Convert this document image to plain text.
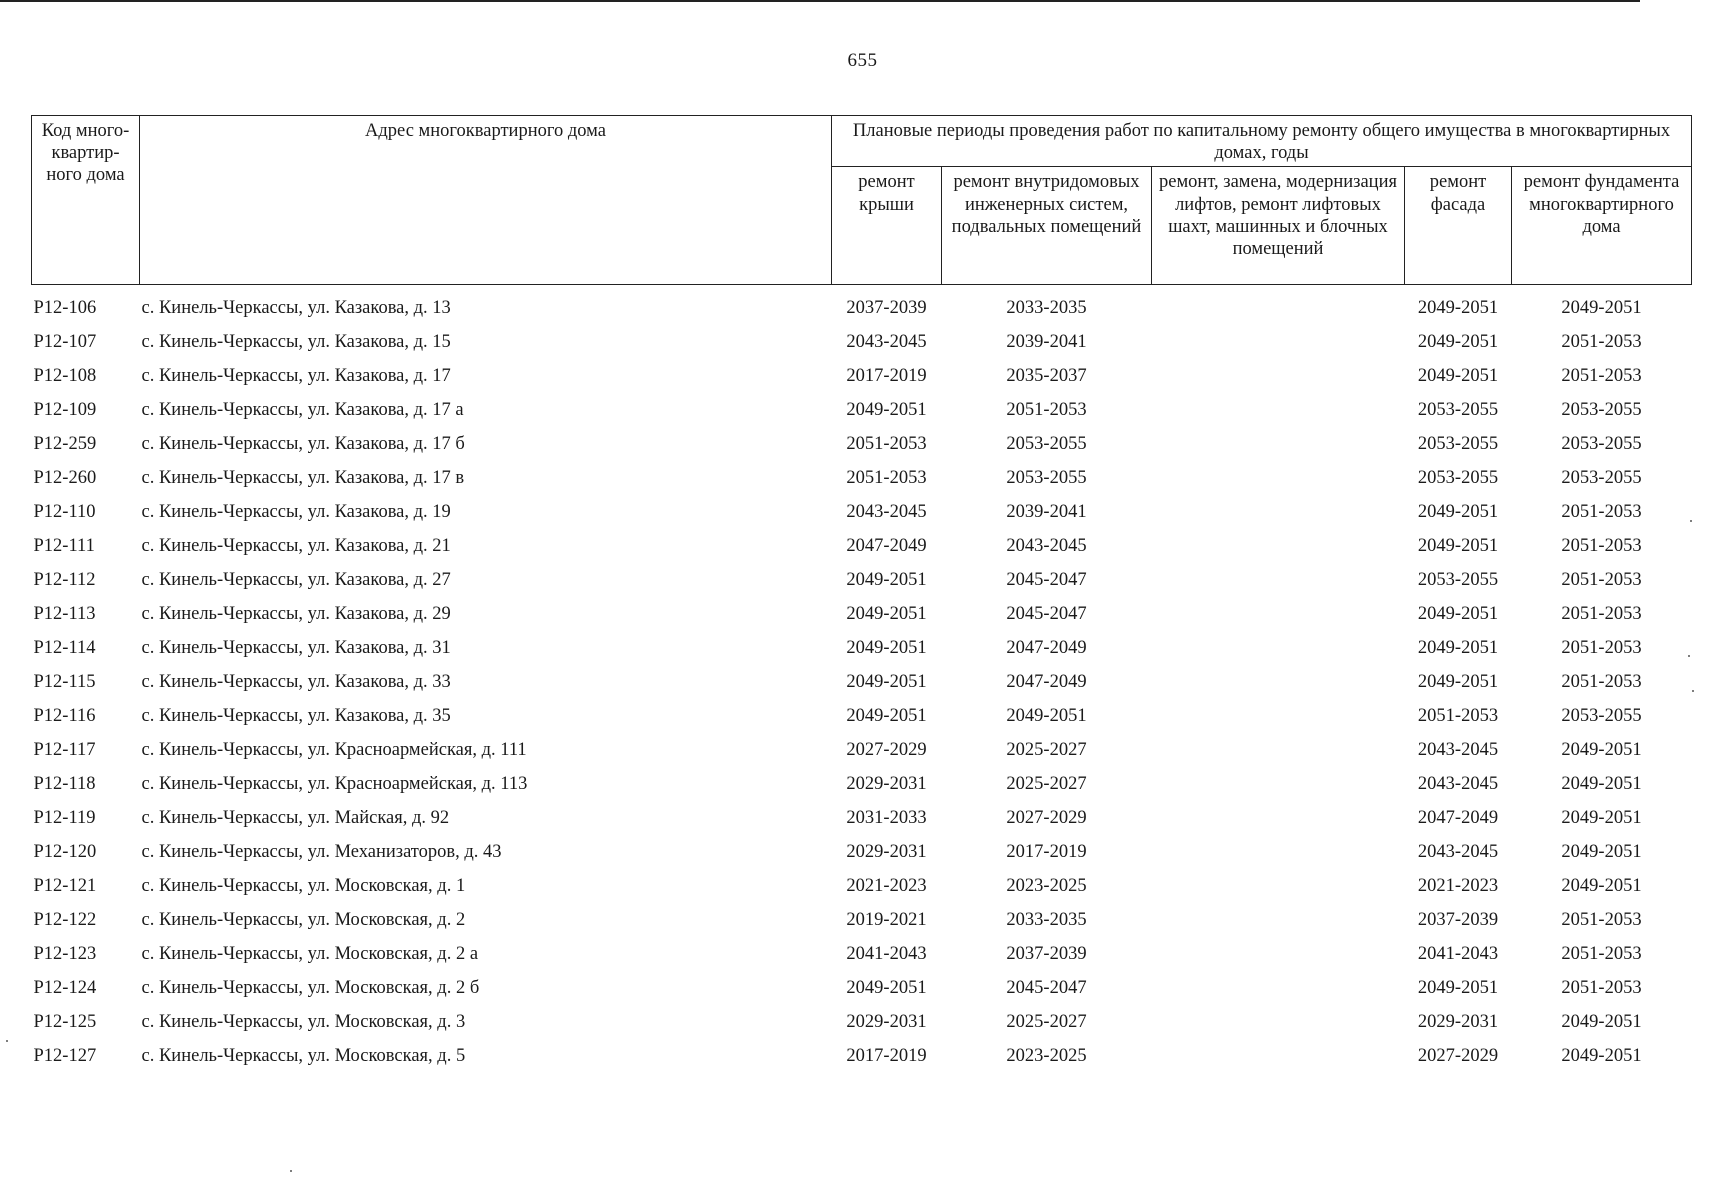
655
Код много-квартир-ного дома	Адрес многоквартирного дома	Плановые периоды проведения работ по капитальному ремонту общего имущества в многоквартирных домах, годы				
		ремонт крыши	ремонт внутридомовых инженерных систем, подвальных помещений	ремонт, замена, модернизация лифтов, ремонт лифтовых шахт, машинных и блочных помещений	ремонт фасада	ремонт фундамента многоквартирного дома
P12-106	с. Кинель-Черкассы, ул. Казакова, д. 13	2037-2039	2033-2035		2049-2051	2049-2051
P12-107	с. Кинель-Черкассы, ул. Казакова, д. 15	2043-2045	2039-2041		2049-2051	2051-2053
P12-108	с. Кинель-Черкассы, ул. Казакова, д. 17	2017-2019	2035-2037		2049-2051	2051-2053
P12-109	с. Кинель-Черкассы, ул. Казакова, д. 17 а	2049-2051	2051-2053		2053-2055	2053-2055
P12-259	с. Кинель-Черкассы, ул. Казакова, д. 17 б	2051-2053	2053-2055		2053-2055	2053-2055
P12-260	с. Кинель-Черкассы, ул. Казакова, д. 17 в	2051-2053	2053-2055		2053-2055	2053-2055
P12-110	с. Кинель-Черкассы, ул. Казакова, д. 19	2043-2045	2039-2041		2049-2051	2051-2053
P12-111	с. Кинель-Черкассы, ул. Казакова, д. 21	2047-2049	2043-2045		2049-2051	2051-2053
P12-112	с. Кинель-Черкассы, ул. Казакова, д. 27	2049-2051	2045-2047		2053-2055	2051-2053
P12-113	с. Кинель-Черкассы, ул. Казакова, д. 29	2049-2051	2045-2047		2049-2051	2051-2053
P12-114	с. Кинель-Черкассы, ул. Казакова, д. 31	2049-2051	2047-2049		2049-2051	2051-2053
P12-115	с. Кинель-Черкассы, ул. Казакова, д. 33	2049-2051	2047-2049		2049-2051	2051-2053
P12-116	с. Кинель-Черкассы, ул. Казакова, д. 35	2049-2051	2049-2051		2051-2053	2053-2055
P12-117	с. Кинель-Черкассы, ул. Красноармейская, д. 111	2027-2029	2025-2027		2043-2045	2049-2051
P12-118	с. Кинель-Черкассы, ул. Красноармейская, д. 113	2029-2031	2025-2027		2043-2045	2049-2051
P12-119	с. Кинель-Черкассы, ул. Майская, д. 92	2031-2033	2027-2029		2047-2049	2049-2051
P12-120	с. Кинель-Черкассы, ул. Механизаторов, д. 43	2029-2031	2017-2019		2043-2045	2049-2051
P12-121	с. Кинель-Черкассы, ул. Московская, д. 1	2021-2023	2023-2025		2021-2023	2049-2051
P12-122	с. Кинель-Черкассы, ул. Московская, д. 2	2019-2021	2033-2035		2037-2039	2051-2053
P12-123	с. Кинель-Черкассы, ул. Московская, д. 2 а	2041-2043	2037-2039		2041-2043	2051-2053
P12-124	с. Кинель-Черкассы, ул. Московская, д. 2 б	2049-2051	2045-2047		2049-2051	2051-2053
P12-125	с. Кинель-Черкассы, ул. Московская, д. 3	2029-2031	2025-2027		2029-2031	2049-2051
P12-127	с. Кинель-Черкассы, ул. Московская, д. 5	2017-2019	2023-2025		2027-2029	2049-2051
